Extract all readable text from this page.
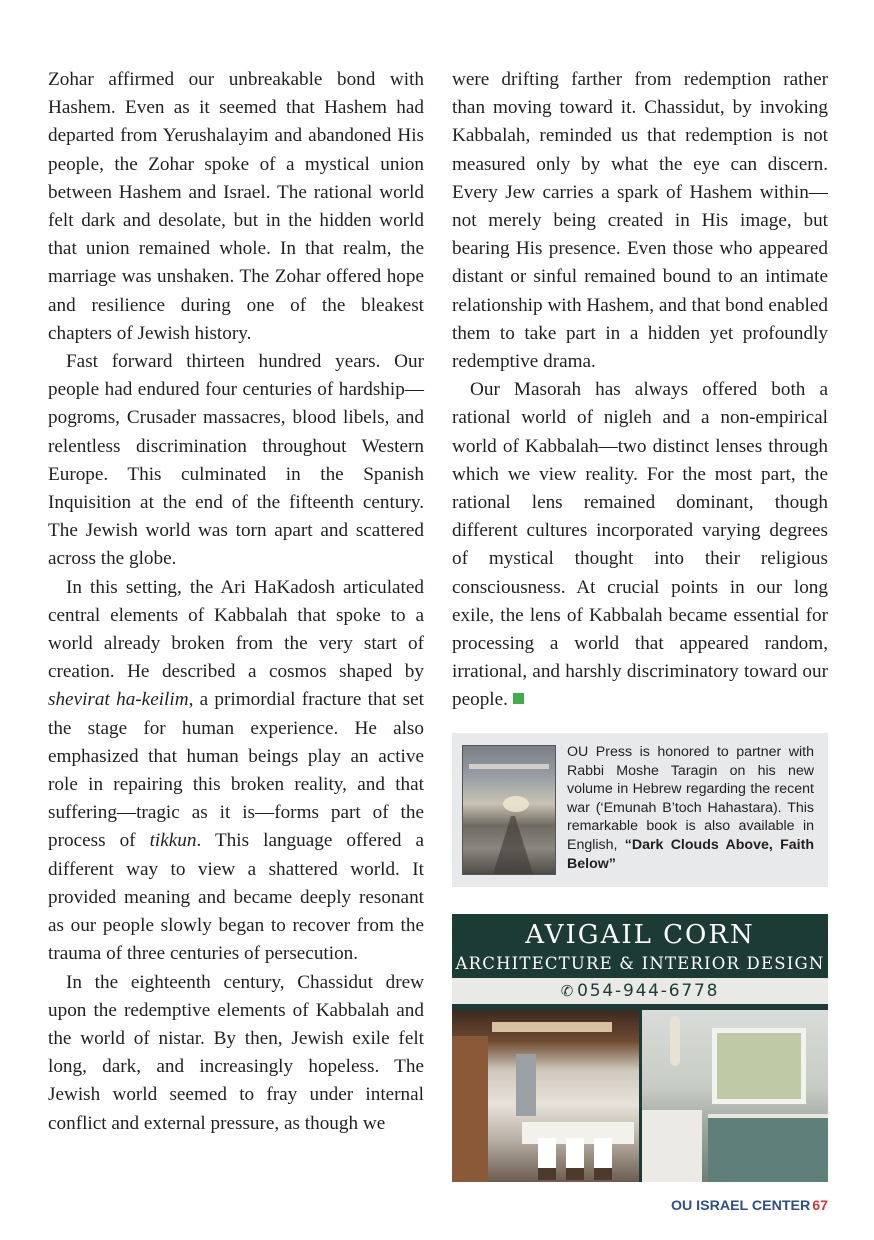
Zohar affirmed our unbreakable bond with Hashem. Even as it seemed that Hashem had departed from Yerushalayim and abandoned His people, the Zohar spoke of a mystical union between Hashem and Israel. The rational world felt dark and desolate, but in the hidden world that union remained whole. In that realm, the marriage was unshaken. The Zohar offered hope and resilience during one of the bleakest chapters of Jewish history.

Fast forward thirteen hundred years. Our people had endured four centuries of hardship—pogroms, Crusader massacres, blood libels, and relentless discrimination throughout Western Europe. This culminated in the Spanish Inquisition at the end of the fifteenth century. The Jewish world was torn apart and scattered across the globe.

In this setting, the Ari HaKadosh articulated central elements of Kabbalah that spoke to a world already broken from the very start of creation. He described a cosmos shaped by shevirat ha-keilim, a primordial fracture that set the stage for human experience. He also emphasized that human beings play an active role in repairing this broken reality, and that suffering—tragic as it is—forms part of the process of tikkun. This language offered a different way to view a shattered world. It provided meaning and became deeply resonant as our people slowly began to recover from the trauma of three centuries of persecution.

In the eighteenth century, Chassidut drew upon the redemptive elements of Kabbalah and the world of nistar. By then, Jewish exile felt long, dark, and increasingly hopeless. The Jewish world seemed to fray under internal conflict and external pressure, as though we

were drifting farther from redemption rather than moving toward it. Chassidut, by invoking Kabbalah, reminded us that redemption is not measured only by what the eye can discern. Every Jew carries a spark of Hashem within—not merely being created in His image, but bearing His presence. Even those who appeared distant or sinful remained bound to an intimate relationship with Hashem, and that bond enabled them to take part in a hidden yet profoundly redemptive drama.

Our Masorah has always offered both a rational world of nigleh and a non-empirical world of Kabbalah—two distinct lenses through which we view reality. For the most part, the rational lens remained dominant, though different cultures incorporated varying degrees of mystical thought into their religious consciousness. At crucial points in our long exile, the lens of Kabbalah became essential for processing a world that appeared random, irrational, and harshly discriminatory toward our people.

OU Press is honored to partner with Rabbi Moshe Taragin on his new volume in Hebrew regarding the recent war (‘Emunah B’toch Hahastara). This remarkable book is also available in English, “Dark Clouds Above, Faith Below”

AVIGAIL CORN
ARCHITECTURE & INTERIOR DESIGN
✆ 054-944-6778
OU ISRAEL CENTER 67
